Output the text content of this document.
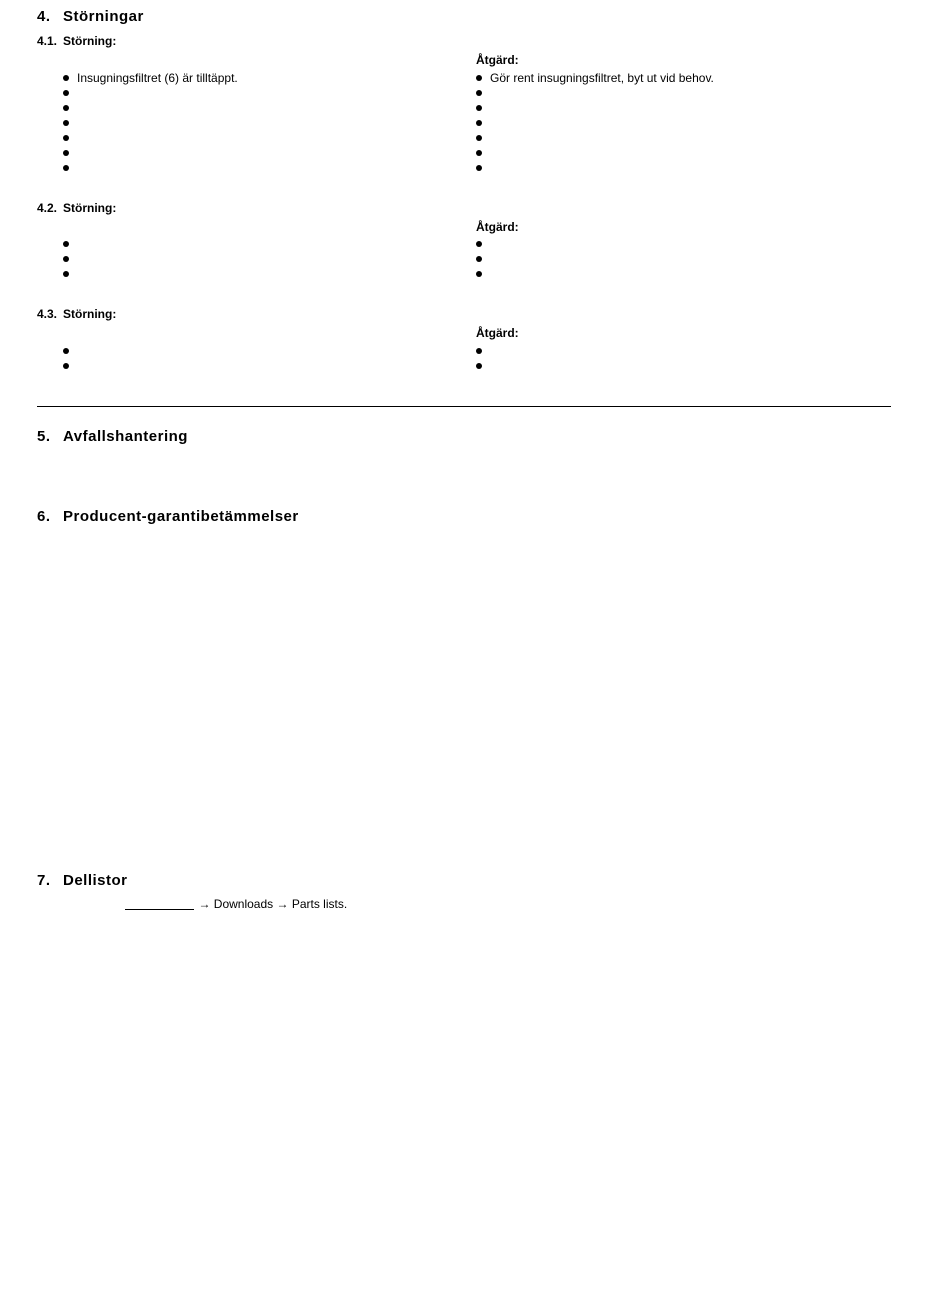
4. Störningar
4.1. Störning:
Åtgärd:
Insugningsfiltret (6) är tilltäppt.	Gör rent insugningsfiltret, byt ut vid behov.
4.2. Störning:
Åtgärd:
4.3. Störning:
Åtgärd:
5. Avfallshantering
6. Producent-garantibetämmelser
7. Dellistor
→ Downloads → Parts lists.
